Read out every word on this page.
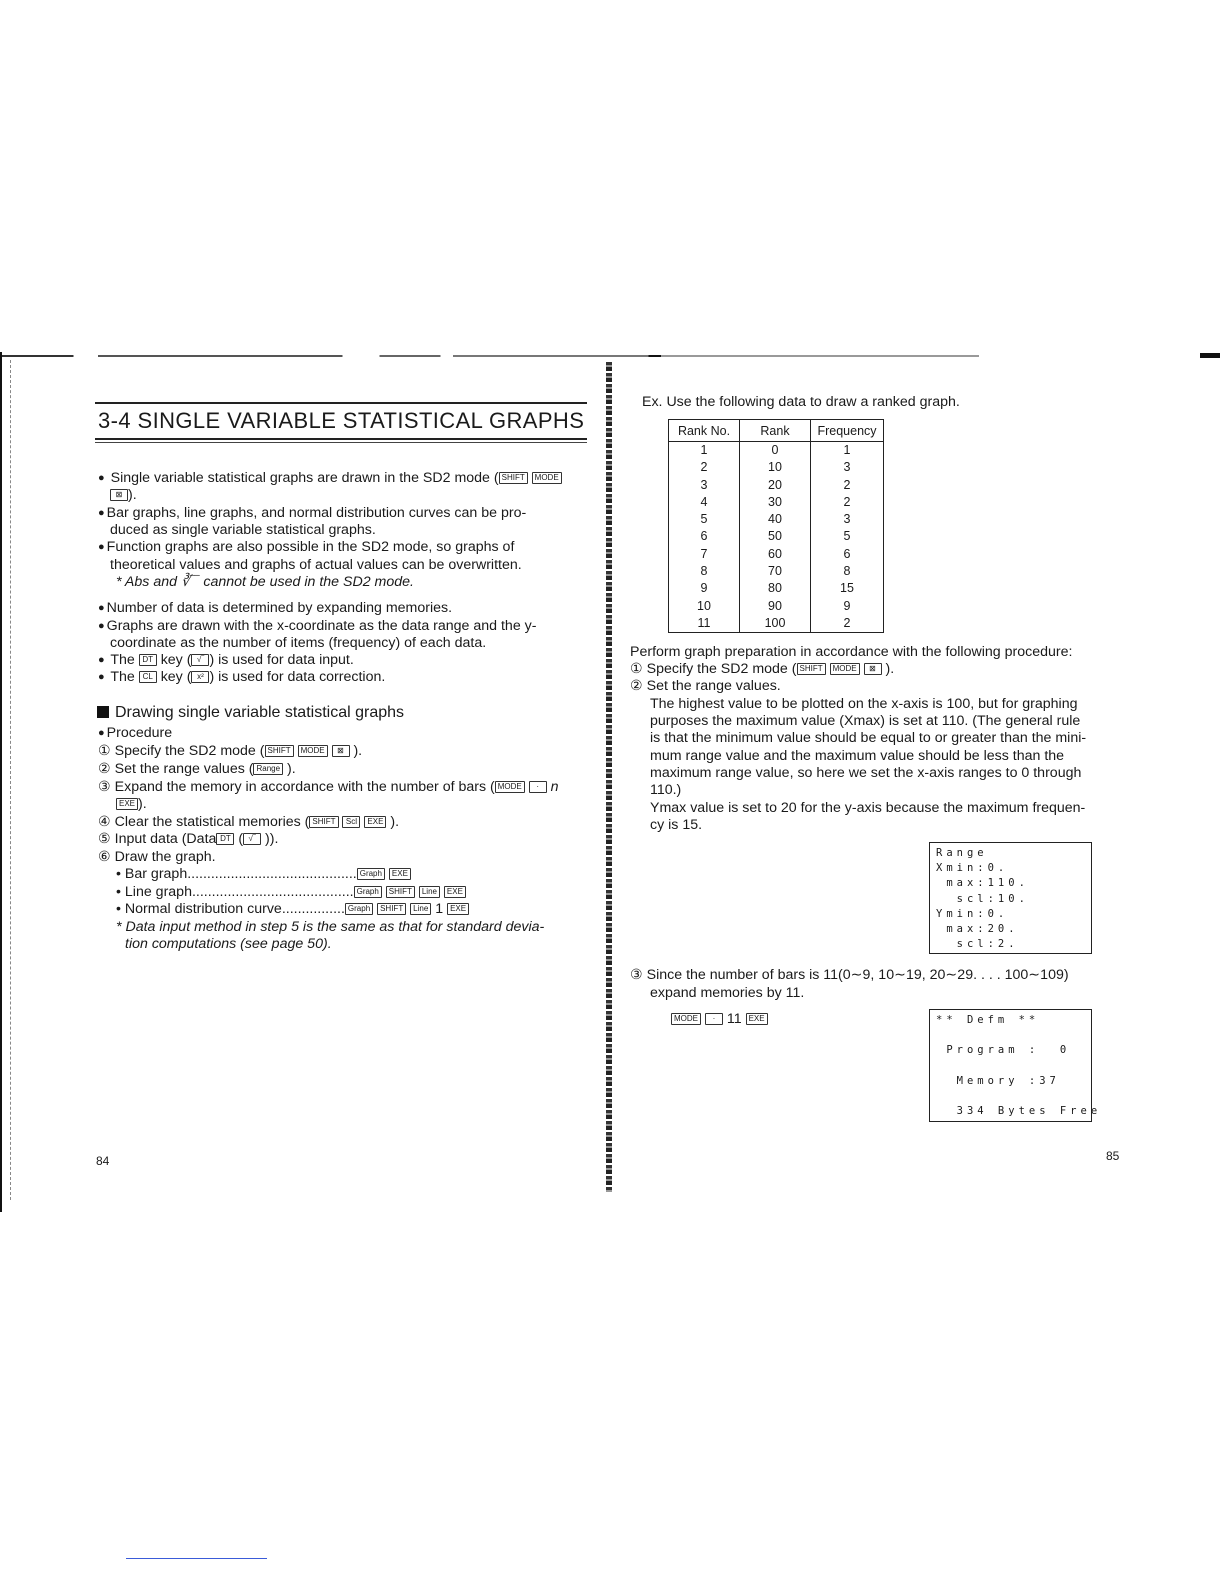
3-4 SINGLE VARIABLE STATISTICAL GRAPHS
● Single variable statistical graphs are drawn in the SD2 mode ( SHIFT MODE
⊠ ).
● Bar graphs, line graphs, and normal distribution curves can be pro-
duced as single variable statistical graphs.
● Function graphs are also possible in the SD2 mode, so graphs of
theoretical values and graphs of actual values can be overwritten.
* Abs and ∛‾‾ cannot be used in the SD2 mode.
● Number of data is determined by expanding memories.
● Graphs are drawn with the x-coordinate as the data range and the y-
coordinate as the number of items (frequency) of each data.
● The DT key ( √‾ ) is used for data input.
● The CL key ( x² ) is used for data correction.
Drawing single variable statistical graphs
● Procedure
① Specify the SD2 mode ( SHIFT MODE ⊠ ).
② Set the range values ( Range ).
③ Expand the memory in accordance with the number of bars ( MODE · n
EXE ).
④ Clear the statistical memories ( SHIFT Scl EXE ).
⑤ Input data (Data DT ( √‾ )).
⑥ Draw the graph.
• Bar graph........................................... Graph EXE
• Line graph......................................... Graph SHIFT Line EXE
• Normal distribution curve................ Graph SHIFT Line 1 EXE
* Data input method in step 5 is the same as that for standard devia-
tion computations (see page 50).
84
Ex. Use the following data to draw a ranked graph.
Rank No.	Rank	Frequency
1	0	1
2	10	3
3	20	2
4	30	2
5	40	3
6	50	5
7	60	6
8	70	8
9	80	15
10	90	9
11	100	2
Perform graph preparation in accordance with the following procedure:
① Specify the SD2 mode ( SHIFT MODE ⊠ ).
② Set the range values.
The highest value to be plotted on the x-axis is 100, but for graphing
purposes the maximum value (Xmax) is set at 110. (The general rule
is that the minimum value should be equal to or greater than the mini-
mum range value and the maximum value should be less than the
maximum range value, so here we set the x-axis ranges to 0 through
110.)
Ymax value is set to 20 for the y-axis because the maximum frequen-
cy is 15.
Range
Xmin:0.
max:110.
scl:10.
Ymin:0.
max:20.
scl:2.
③ Since the number of bars is 11(0∼9, 10∼19, 20∼29. . . . 100∼109)
expand memories by 11.
MODE · 11 EXE	** Defm **

Program :  0

Memory :37

334 Bytes Free
85
